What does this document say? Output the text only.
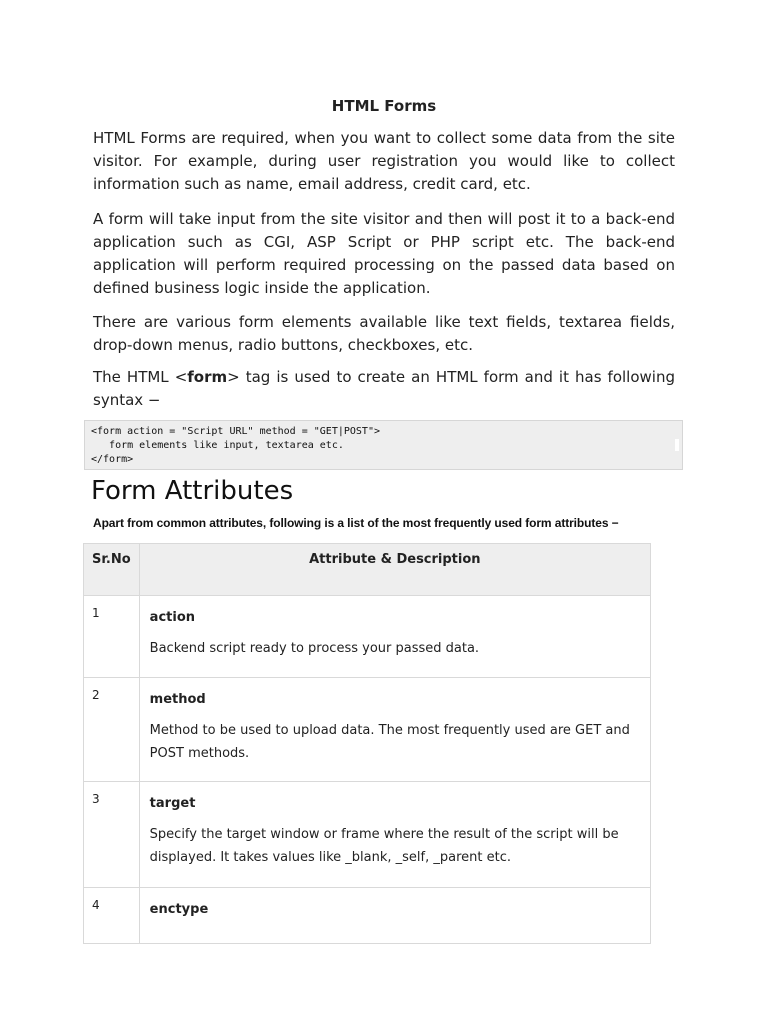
HTML Forms

HTML Forms are required, when you want to collect some data from the site visitor. For example, during user registration you would like to collect information such as name, email address, credit card, etc.

A form will take input from the site visitor and then will post it to a back-end application such as CGI, ASP Script or PHP script etc. The back-end application will perform required processing on the passed data based on defined business logic inside the application.

There are various form elements available like text fields, textarea fields, drop-down menus, radio buttons, checkboxes, etc.

The HTML <form> tag is used to create an HTML form and it has following syntax −

<form action = "Script URL" method = "GET|POST">
form elements like input, textarea etc.
</form>
Form Attributes
Apart from common attributes, following is a list of the most frequently used form attributes −
Sr.No	Attribute & Description
1	action

Backend script ready to process your passed data.

2	method

Method to be used to upload data. The most frequently used are GET and POST methods.

3	target

Specify the target window or frame where the result of the script will be displayed. It takes values like _blank, _self, _parent etc.

4	enctype
